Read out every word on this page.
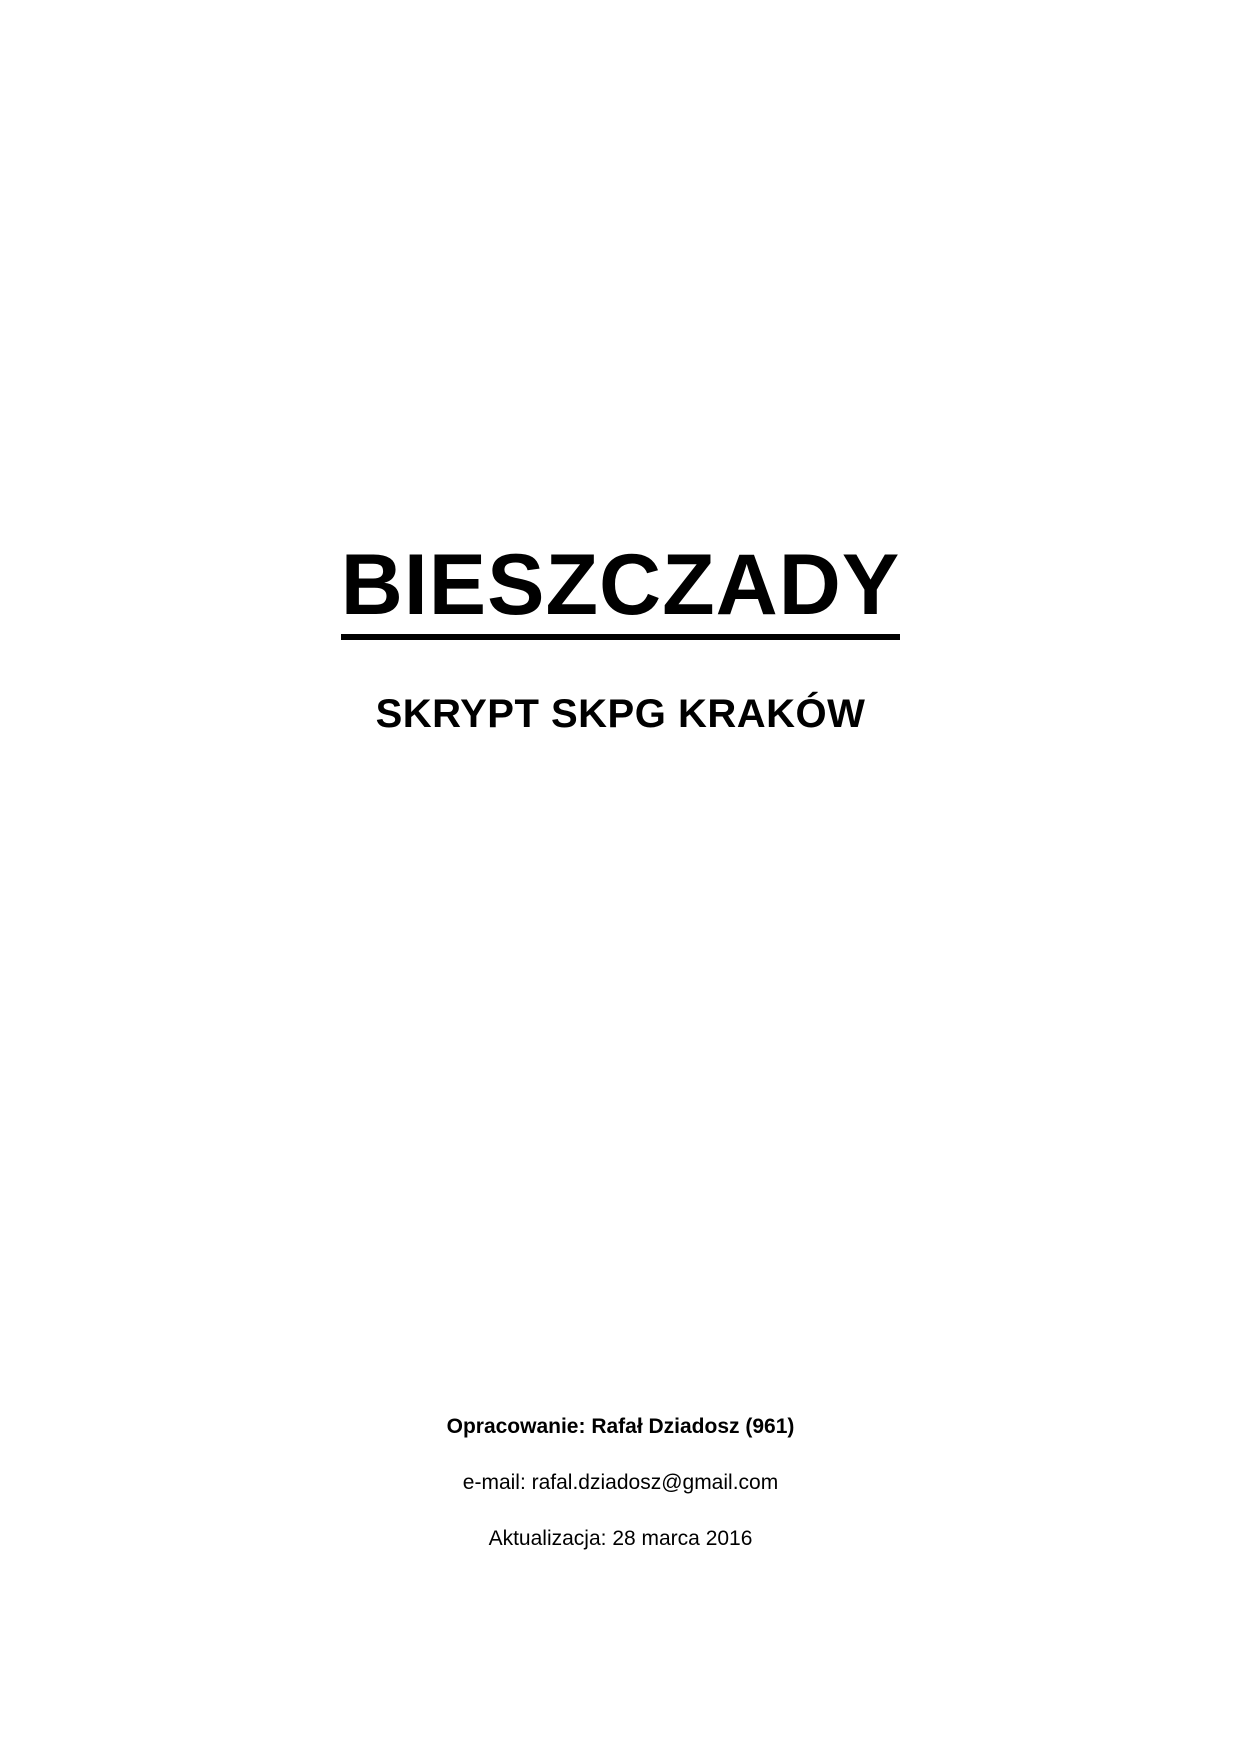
BIESZCZADY
SKRYPT SKPG KRAKÓW

Opracowanie: Rafał Dziadosz (961)

e-mail: rafal.dziadosz@gmail.com

Aktualizacja: 28 marca 2016
